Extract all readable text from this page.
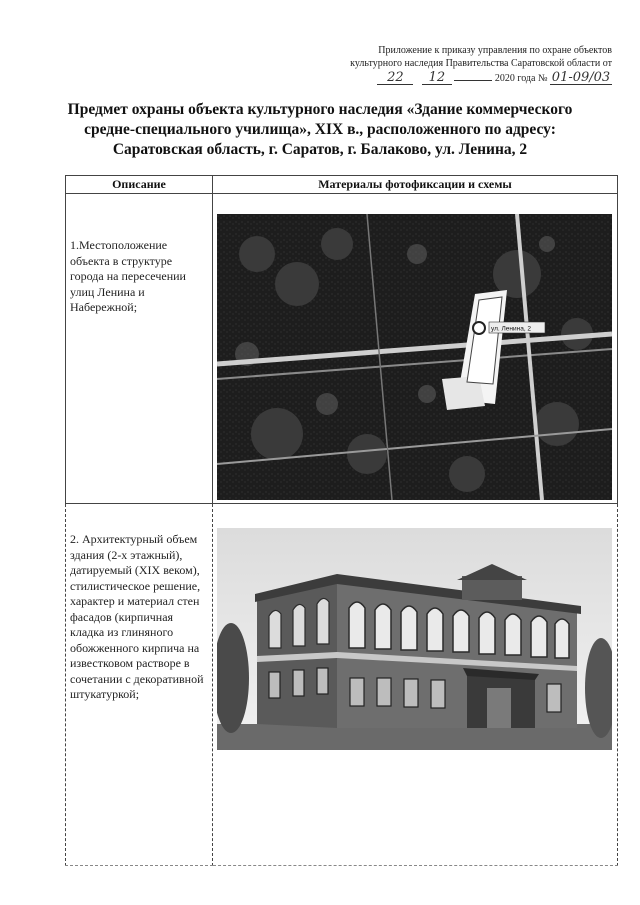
Приложение к приказу управления по охране объектов

культурного наследия Правительства Саратовской области от
22 12	2020 года № 01-09/03
Предмет охраны объекта культурного наследия «Здание коммерческого
средне-специального училища», XIX в., расположенного по адресу:
Саратовская область, г. Саратов, г. Балаково, ул. Ленина, 2
Описание	Материалы фотофиксации и схемы

1.Местоположение объекта в структуре города на пересечении улиц Ленина и Набережной;	ул. Ленина, 2

2. Архитектурный объем здания (2-х этажный), датируемый (XIX веком), стилистическое решение, характер и материал стен фасадов (кирпичная кладка из глиняного обожженного кирпича на известковом растворе в сочетании с декоративной штукатуркой;
